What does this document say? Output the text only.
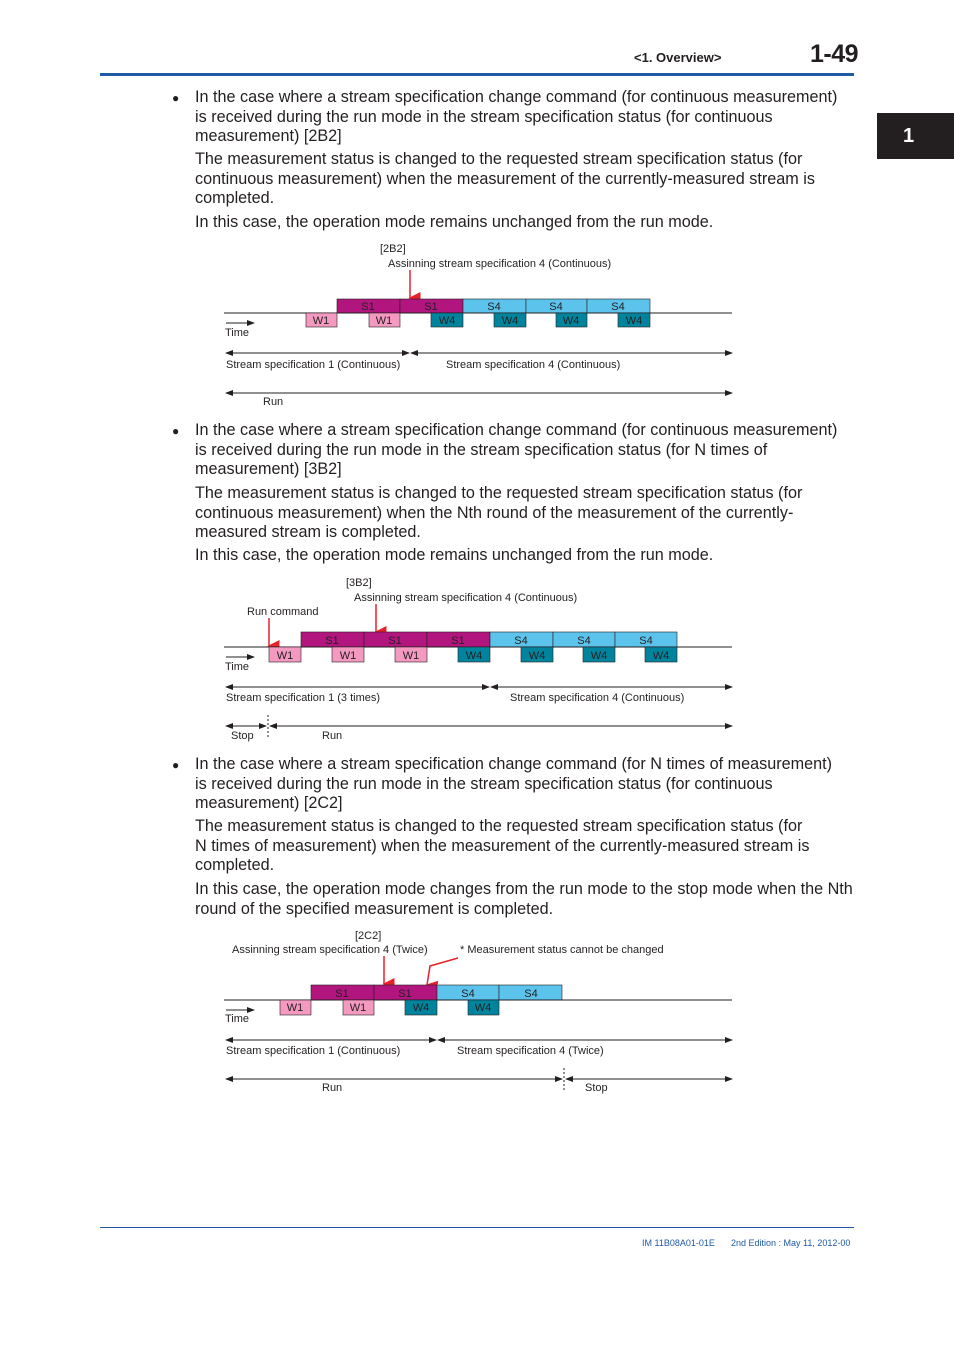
<1. Overview>	1-49
1
● In the case where a stream specification change command (for continuous measurement)
is received during the run mode in the stream specification status (for continuous
measurement) [2B2]
The measurement status is changed to the requested stream specification status (for
continuous measurement) when the measurement of the currently-measured stream is
completed.
In this case, the operation mode remains unchanged from the run mode.
[2B2]
Assinning stream specification 4 (Continuous)
S1	S1	S4	S4	S4
Time
W1	W1	W4	W4	W4	W4
Stream specification 1 (Continuous)	Stream specification 4 (Continuous)
Run
● In the case where a stream specification change command (for continuous measurement)
is received during the run mode in the stream specification status (for N times of
measurement) [3B2]
The measurement status is changed to the requested stream specification status (for
continuous measurement) when the Nth round of the measurement of the currently-
measured stream is completed.
In this case, the operation mode remains unchanged from the run mode.
[3B2]
Assinning stream specification 4 (Continuous)
Run command
S1	S1	S1	S4	S4	S4
Time
W1	W1	W1	W4	W4	W4	W4
Stream specification 1 (3 times)	Stream specification 4 (Continuous)
Stop	Run
● In the case where a stream specification change command (for N times of measurement)
is received during the run mode in the stream specification status (for continuous
measurement) [2C2]
The measurement status is changed to the requested stream specification status (for
N times of measurement) when the measurement of the currently-measured stream is
completed.
In this case, the operation mode changes from the run mode to the stop mode when the Nth
round of the specified measurement is completed.
[2C2]
Assinning stream specification 4 (Twice)	* Measurement status cannot be changed
S1	S1	S4	S4
Time
W1	W1	W4	W4
Stream specification 1 (Continuous)	Stream specification 4 (Twice)
Run	Stop
IM 11B08A01-01E 2nd Edition : May 11, 2012-00
